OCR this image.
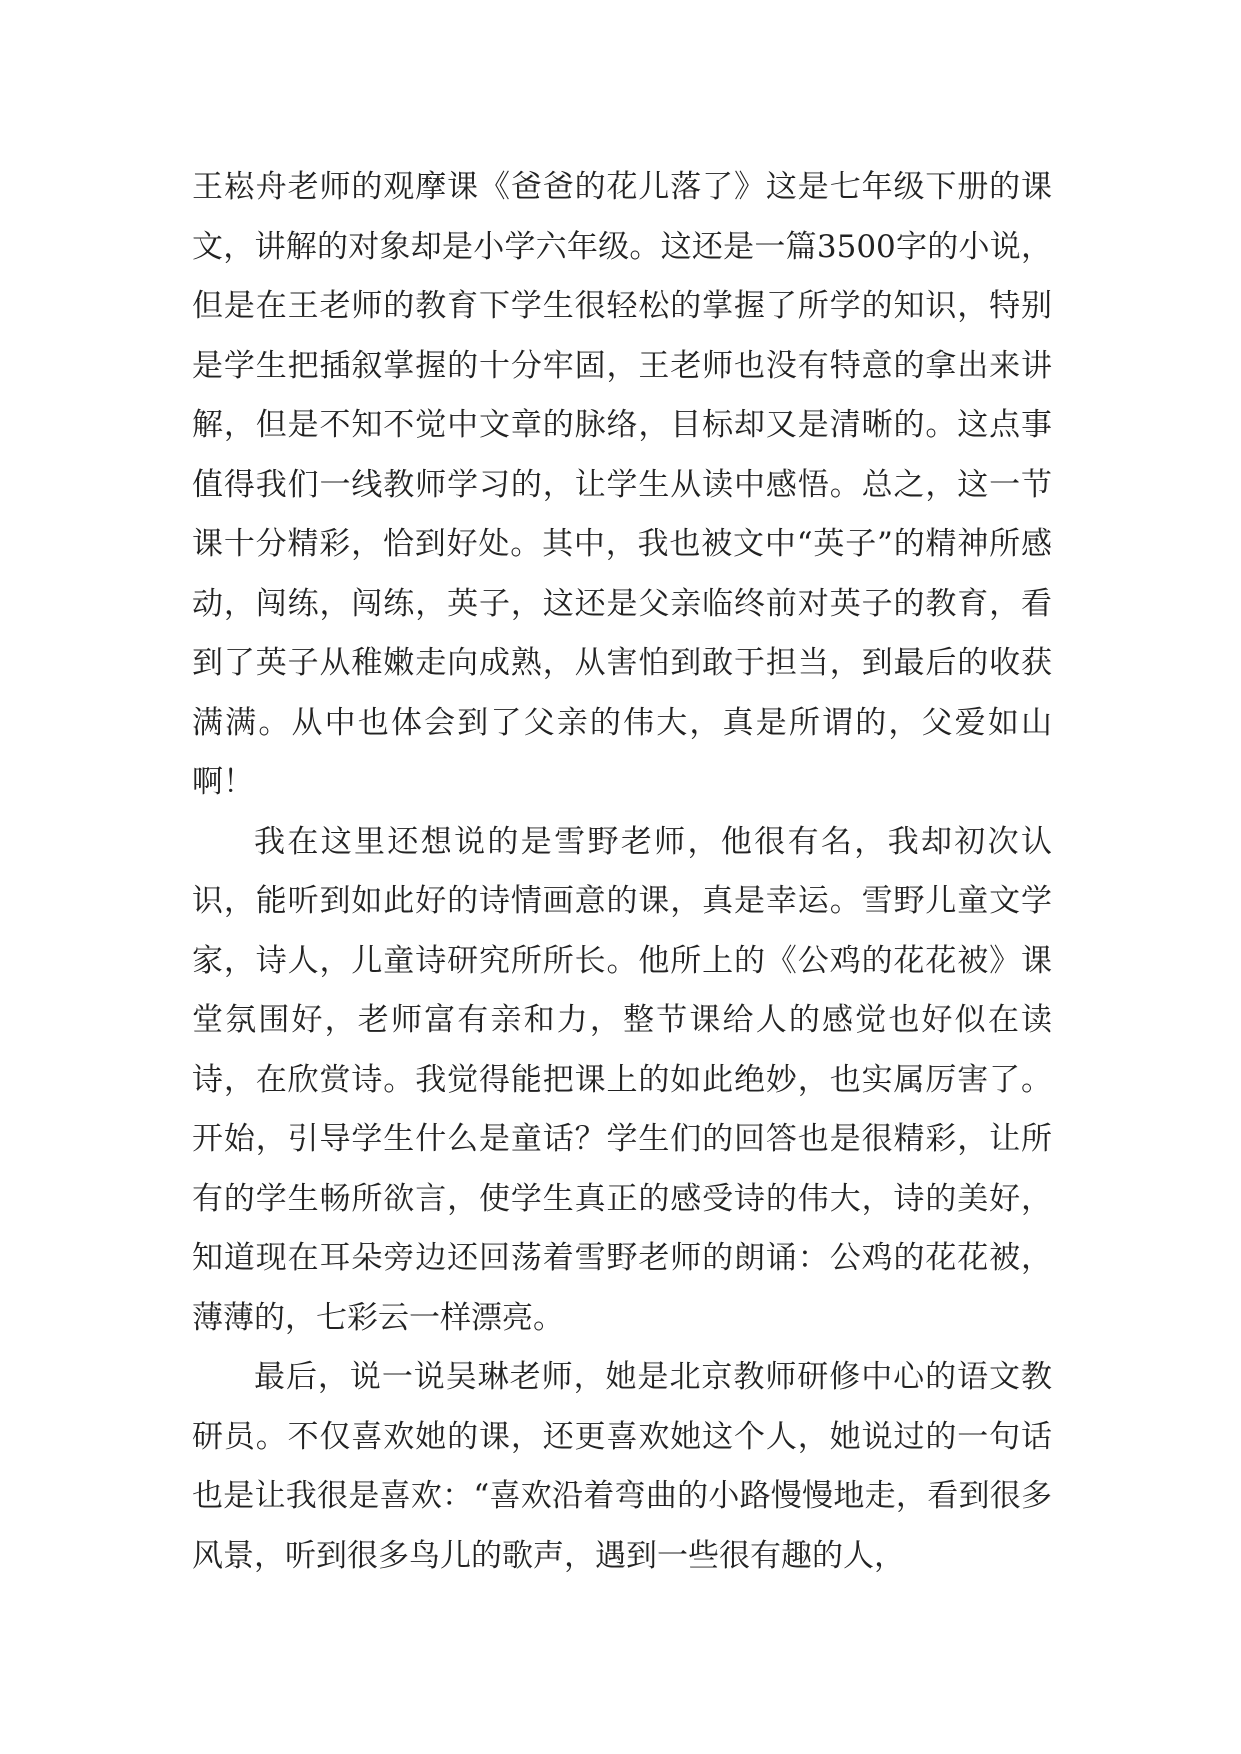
王崧舟老师的观摩课《爸爸的花儿落了》这是七年级下册的课文，讲解的对象却是小学六年级。这还是一篇3500字的小说，但是在王老师的教育下学生很轻松的掌握了所学的知识，特别是学生把插叙掌握的十分牢固，王老师也没有特意的拿出来讲解，但是不知不觉中文章的脉络，目标却又是清晰的。这点事值得我们一线教师学习的，让学生从读中感悟。总之，这一节课十分精彩，恰到好处。其中，我也被文中“英子”的精神所感动，闯练，闯练，英子，这还是父亲临终前对英子的教育，看到了英子从稚嫩走向成熟，从害怕到敢于担当，到最后的收获满满。从中也体会到了父亲的伟大，真是所谓的，父爱如山啊！

我在这里还想说的是雪野老师，他很有名，我却初次认识，能听到如此好的诗情画意的课，真是幸运。雪野儿童文学家，诗人，儿童诗研究所所长。他所上的《公鸡的花花被》课堂氛围好，老师富有亲和力，整节课给人的感觉也好似在读诗，在欣赏诗。我觉得能把课上的如此绝妙，也实属厉害了。开始，引导学生什么是童话？学生们的回答也是很精彩，让所有的学生畅所欲言，使学生真正的感受诗的伟大，诗的美好，知道现在耳朵旁边还回荡着雪野老师的朗诵：公鸡的花花被，薄薄的，七彩云一样漂亮。

最后，说一说吴琳老师，她是北京教师研修中心的语文教研员。不仅喜欢她的课，还更喜欢她这个人，她说过的一句话也是让我很是喜欢：“喜欢沿着弯曲的小路慢慢地走，看到很多风景，听到很多鸟儿的歌声，遇到一些很有趣的人，
